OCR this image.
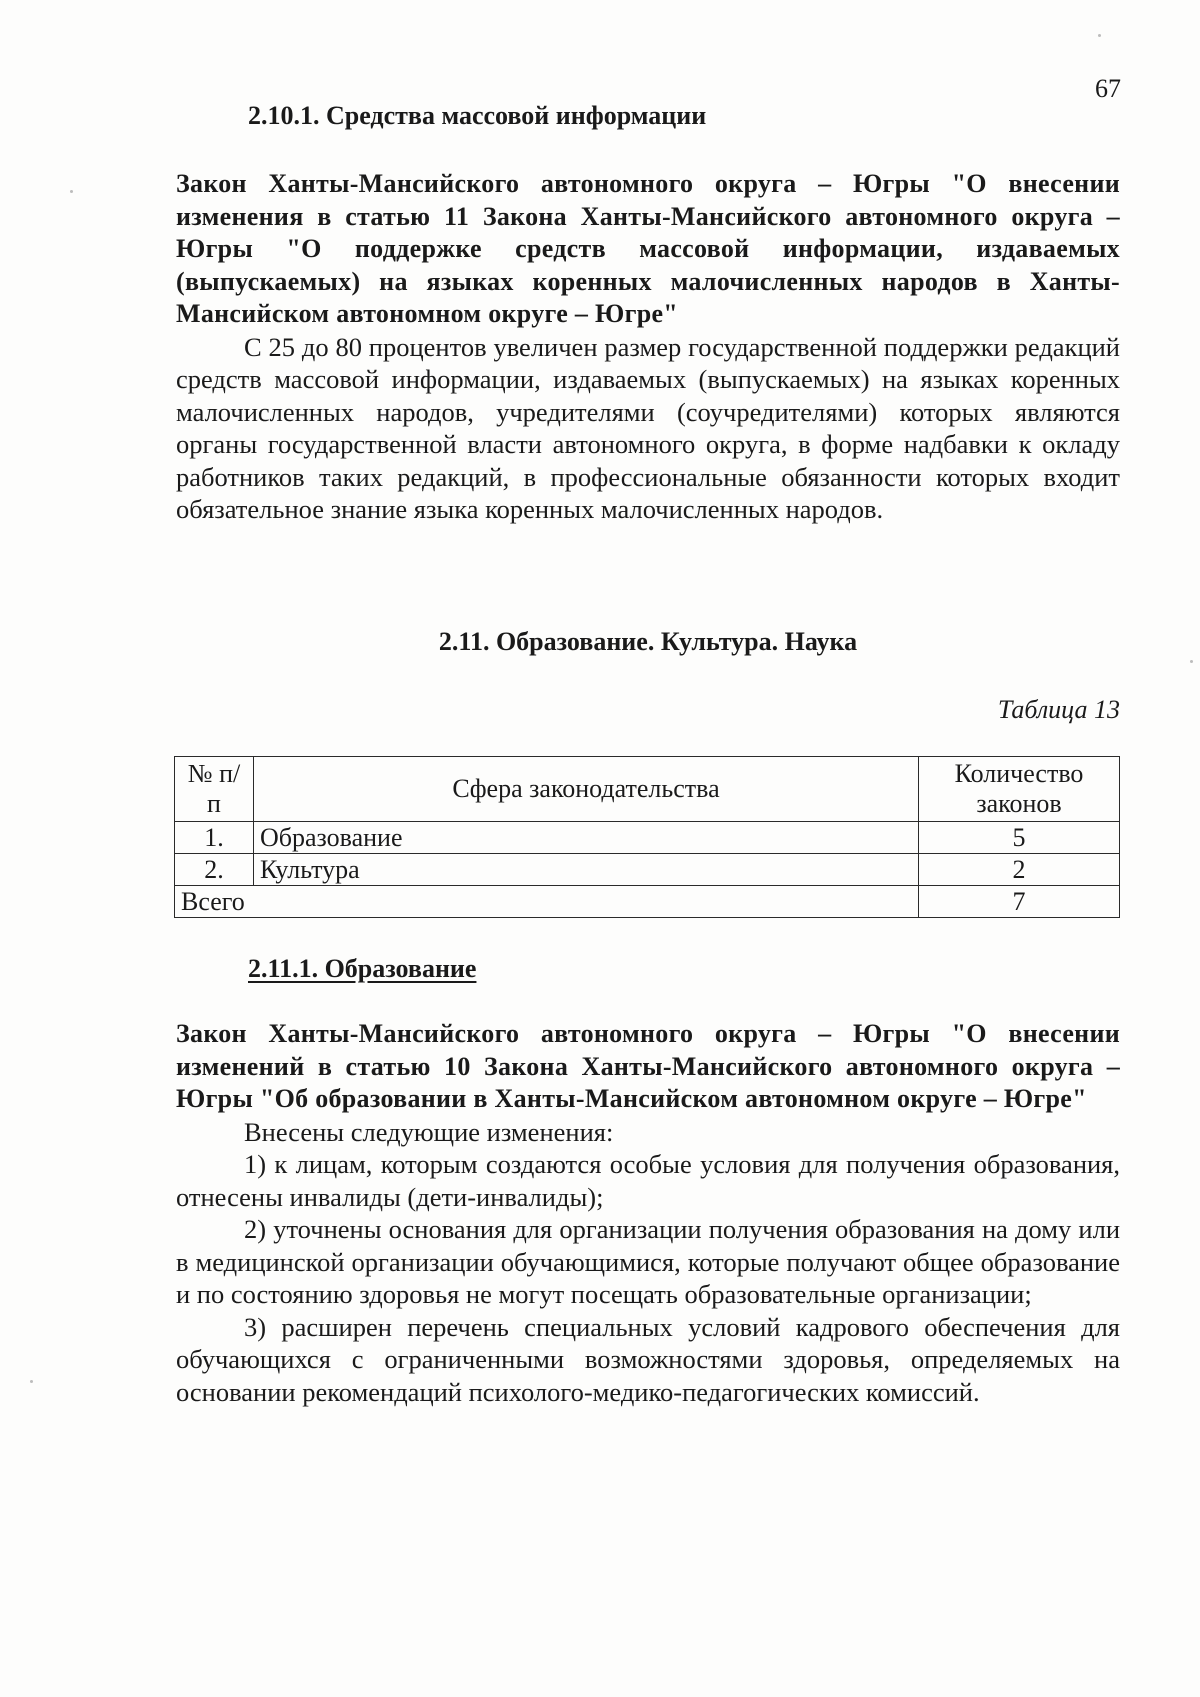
67
2.10.1. Средства массовой информации

Закон Ханты-Мансийского автономного округа – Югры "О внесении изменения в статью 11 Закона Ханты-Мансийского автономного округа – Югры "О поддержке средств массовой информации, издаваемых (выпускаемых) на языках коренных малочисленных народов в Ханты-Мансийском автономном округе – Югре"

С 25 до 80 процентов увеличен размер государственной поддержки редакций средств массовой информации, издаваемых (выпускаемых) на языках коренных малочисленных народов, учредителями (соучредителями) которых являются органы государственной власти автономного округа, в форме надбавки к окладу работников таких редакций, в профессиональные обязанности которых входит обязательное знание языка коренных малочисленных народов.

2.11. Образование. Культура. Наука
Таблица 13
№ п/п	Сфера законодательства	Количество законов
1.	Образование	5
2.	Культура	2
Всего		7
2.11.1. Образование

Закон Ханты-Мансийского автономного округа – Югры "О внесении изменений в статью 10 Закона Ханты-Мансийского автономного округа – Югры "Об образовании в Ханты-Мансийском автономном округе – Югре"

Внесены следующие изменения:

1) к лицам, которым создаются особые условия для получения образования, отнесены инвалиды (дети-инвалиды);

2) уточнены основания для организации получения образования на дому или в медицинской организации обучающимися, которые получают общее образование и по состоянию здоровья не могут посещать образовательные организации;

3) расширен перечень специальных условий кадрового обеспечения для обучающихся с ограниченными возможностями здоровья, определяемых на основании рекомендаций психолого-медико-педагогических комиссий.
